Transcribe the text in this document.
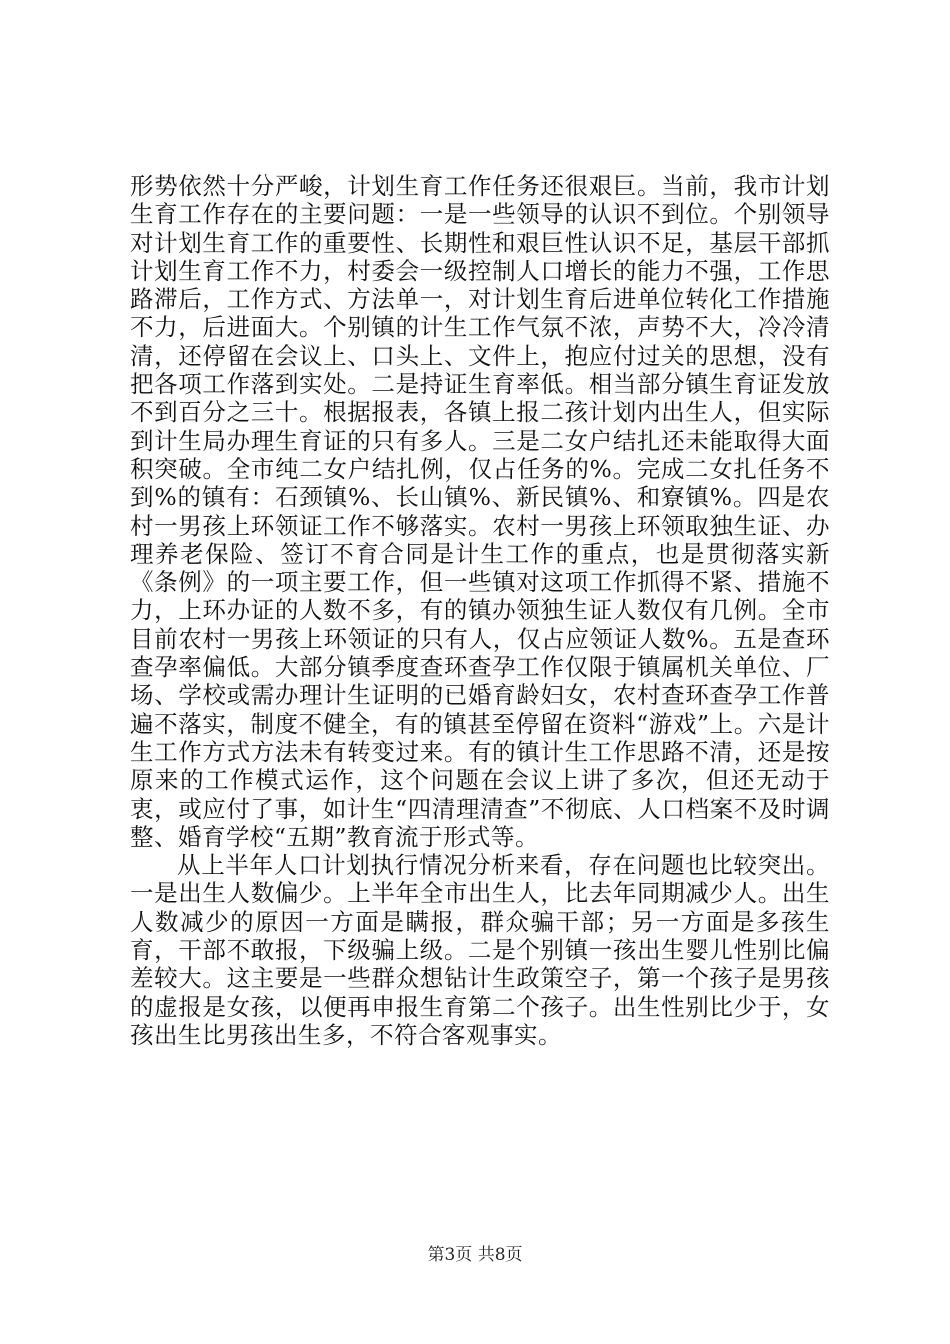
形势依然十分严峻，计划生育工作任务还很艰巨。当前，我市计划生育工作存在的主要问题：一是一些领导的认识不到位。个别领导对计划生育工作的重要性、长期性和艰巨性认识不足，基层干部抓计划生育工作不力，村委会一级控制人口增长的能力不强，工作思路滞后，工作方式、方法单一，对计划生育后进单位转化工作措施不力，后进面大。个别镇的计生工作气氛不浓，声势不大，冷冷清清，还停留在会议上、口头上、文件上，抱应付过关的思想，没有把各项工作落到实处。二是持证生育率低。相当部分镇生育证发放不到百分之三十。根据报表，各镇上报二孩计划内出生人，但实际到计生局办理生育证的只有多人。三是二女户结扎还未能取得大面积突破。全市纯二女户结扎例，仅占任务的%。完成二女扎任务不到%的镇有：石颈镇%、长山镇%、新民镇%、和寮镇%。四是农村一男孩上环领证工作不够落实。农村一男孩上环领取独生证、办理养老保险、签订不育合同是计生工作的重点，也是贯彻落实新《条例》的一项主要工作，但一些镇对这项工作抓得不紧、措施不力，上环办证的人数不多，有的镇办领独生证人数仅有几例。全市目前农村一男孩上环领证的只有人，仅占应领证人数%。五是查环查孕率偏低。大部分镇季度查环查孕工作仅限于镇属机关单位、厂场、学校或需办理计生证明的已婚育龄妇女，农村查环查孕工作普遍不落实，制度不健全，有的镇甚至停留在资料“游戏”上。六是计生工作方式方法未有转变过来。有的镇计生工作思路不清，还是按原来的工作模式运作，这个问题在会议上讲了多次，但还无动于衷，或应付了事，如计生“四清理清查”不彻底、人口档案不及时调整、婚育学校“五期”教育流于形式等。

从上半年人口计划执行情况分析来看，存在问题也比较突出。一是出生人数偏少。上半年全市出生人，比去年同期减少人。出生人数减少的原因一方面是瞒报，群众骗干部；另一方面是多孩生育，干部不敢报，下级骗上级。二是个别镇一孩出生婴儿性别比偏差较大。这主要是一些群众想钻计生政策空子，第一个孩子是男孩的虚报是女孩，以便再申报生育第二个孩子。出生性别比少于，女孩出生比男孩出生多，不符合客观事实。

第3页 共8页
